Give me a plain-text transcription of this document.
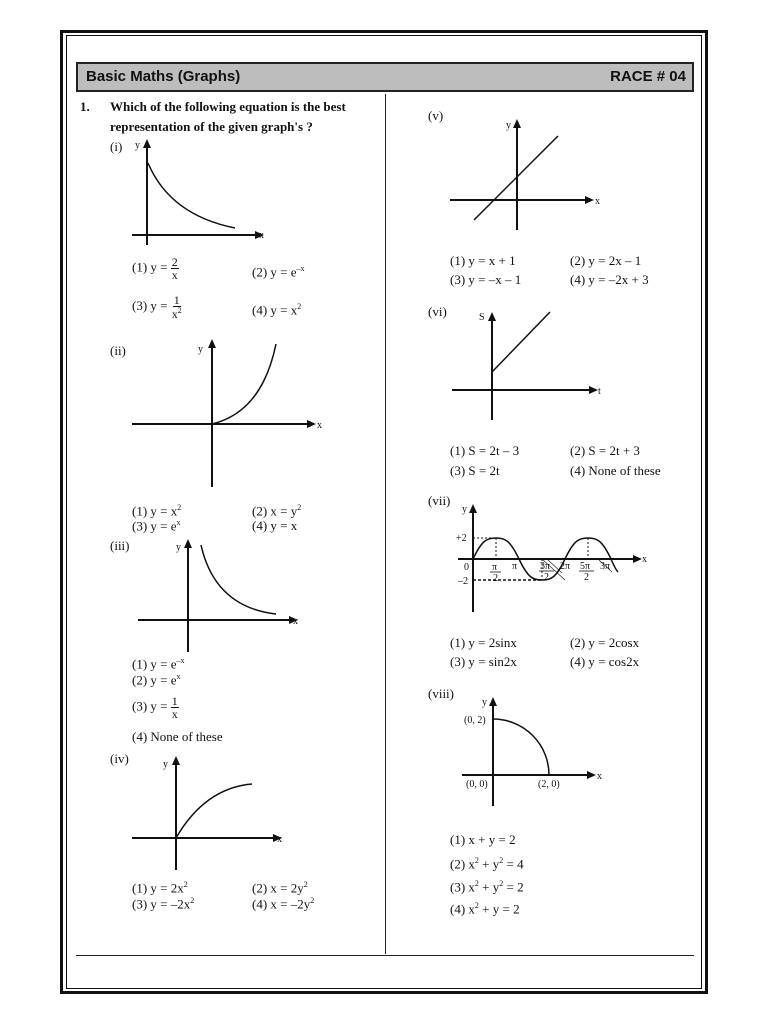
Basic Maths (Graphs)	RACE # 04
1. Which of the following equation is the best
representation of the given graph's ?
(i) y
x
(1) $y = \frac{2}{x}$	(2) $y = e^{-x}$
(3) $y = \frac{1}{x^2}$	(4) $y = x^2$
(ii)	y
x
(1) $y = x^2$	(2) $x = y^2$
(3) $y = e^x$	(4) y = x
(iii)	y
x
(1) $y = e^{-x}$
(2) $y = e^x$
(3) $y = \frac{1}{x}$
(4) None of these
(iv)	y
x
(1) $y = 2x^2$	(2) $x = 2y^2$
(3) $y = -2x^2$	(4) $x = -2y^2$
(v)
y
x
(1) y = x + 1	(2) y = 2x – 1
(3) y = –x – 1	(4) y = –2x + 3
(vi)	S
t
(1) S = 2t – 3	(2) S = 2t + 3
(3) S = 2t	(4) None of these
(vii)
y
x
+2
–2
0 π
2
π 3π
2
2π 5π
2
3π
(1) y = 2sinx	(2) y = 2cosx
(3) y = sin2x	(4) y = cos2x
(viii)
y
x
(0, 2)
(0, 0)	(2, 0)
(1) x + y = 2
(2) $x^2 + y^2 = 4$
(3) $x^2 + y^2 = 2$
(4) $x^2 + y = 2$
